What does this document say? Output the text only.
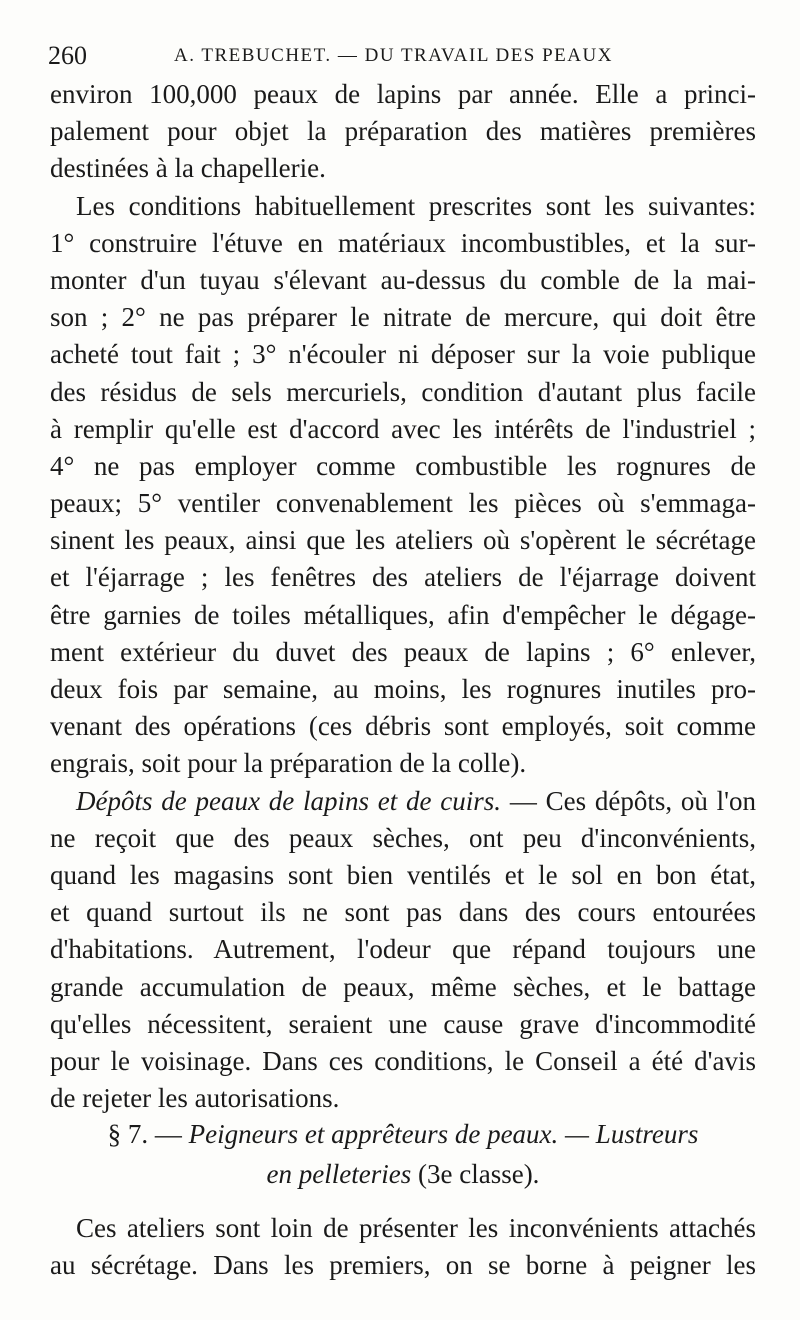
260	A. TREBUCHET. — DU TRAVAIL DES PEAUX
environ 100,000 peaux de lapins par année. Elle a princi-
palement pour objet la préparation des matières premières
destinées à la chapellerie.
Les conditions habituellement prescrites sont les suivantes:
1° construire l'étuve en matériaux incombustibles, et la sur-
monter d'un tuyau s'élevant au-dessus du comble de la mai-
son ; 2° ne pas préparer le nitrate de mercure, qui doit être
acheté tout fait ; 3° n'écouler ni déposer sur la voie publique
des résidus de sels mercuriels, condition d'autant plus facile
à remplir qu'elle est d'accord avec les intérêts de l'industriel ;
4° ne pas employer comme combustible les rognures de
peaux; 5° ventiler convenablement les pièces où s'emmaga-
sinent les peaux, ainsi que les ateliers où s'opèrent le sécrétage
et l'éjarrage ; les fenêtres des ateliers de l'éjarrage doivent
être garnies de toiles métalliques, afin d'empêcher le dégage-
ment extérieur du duvet des peaux de lapins ; 6° enlever,
deux fois par semaine, au moins, les rognures inutiles pro-
venant des opérations (ces débris sont employés, soit comme
engrais, soit pour la préparation de la colle).
Dépôts de peaux de lapins et de cuirs. — Ces dépôts, où l'on
ne reçoit que des peaux sèches, ont peu d'inconvénients,
quand les magasins sont bien ventilés et le sol en bon état,
et quand surtout ils ne sont pas dans des cours entourées
d'habitations. Autrement, l'odeur que répand toujours une
grande accumulation de peaux, même sèches, et le battage
qu'elles nécessitent, seraient une cause grave d'incommodité
pour le voisinage. Dans ces conditions, le Conseil a été d'avis
de rejeter les autorisations.
§ 7. — Peigneurs et apprêteurs de peaux. — Lustreurs
en pelleteries (3e classe).
Ces ateliers sont loin de présenter les inconvénients attachés
au sécrétage. Dans les premiers, on se borne à peigner les
